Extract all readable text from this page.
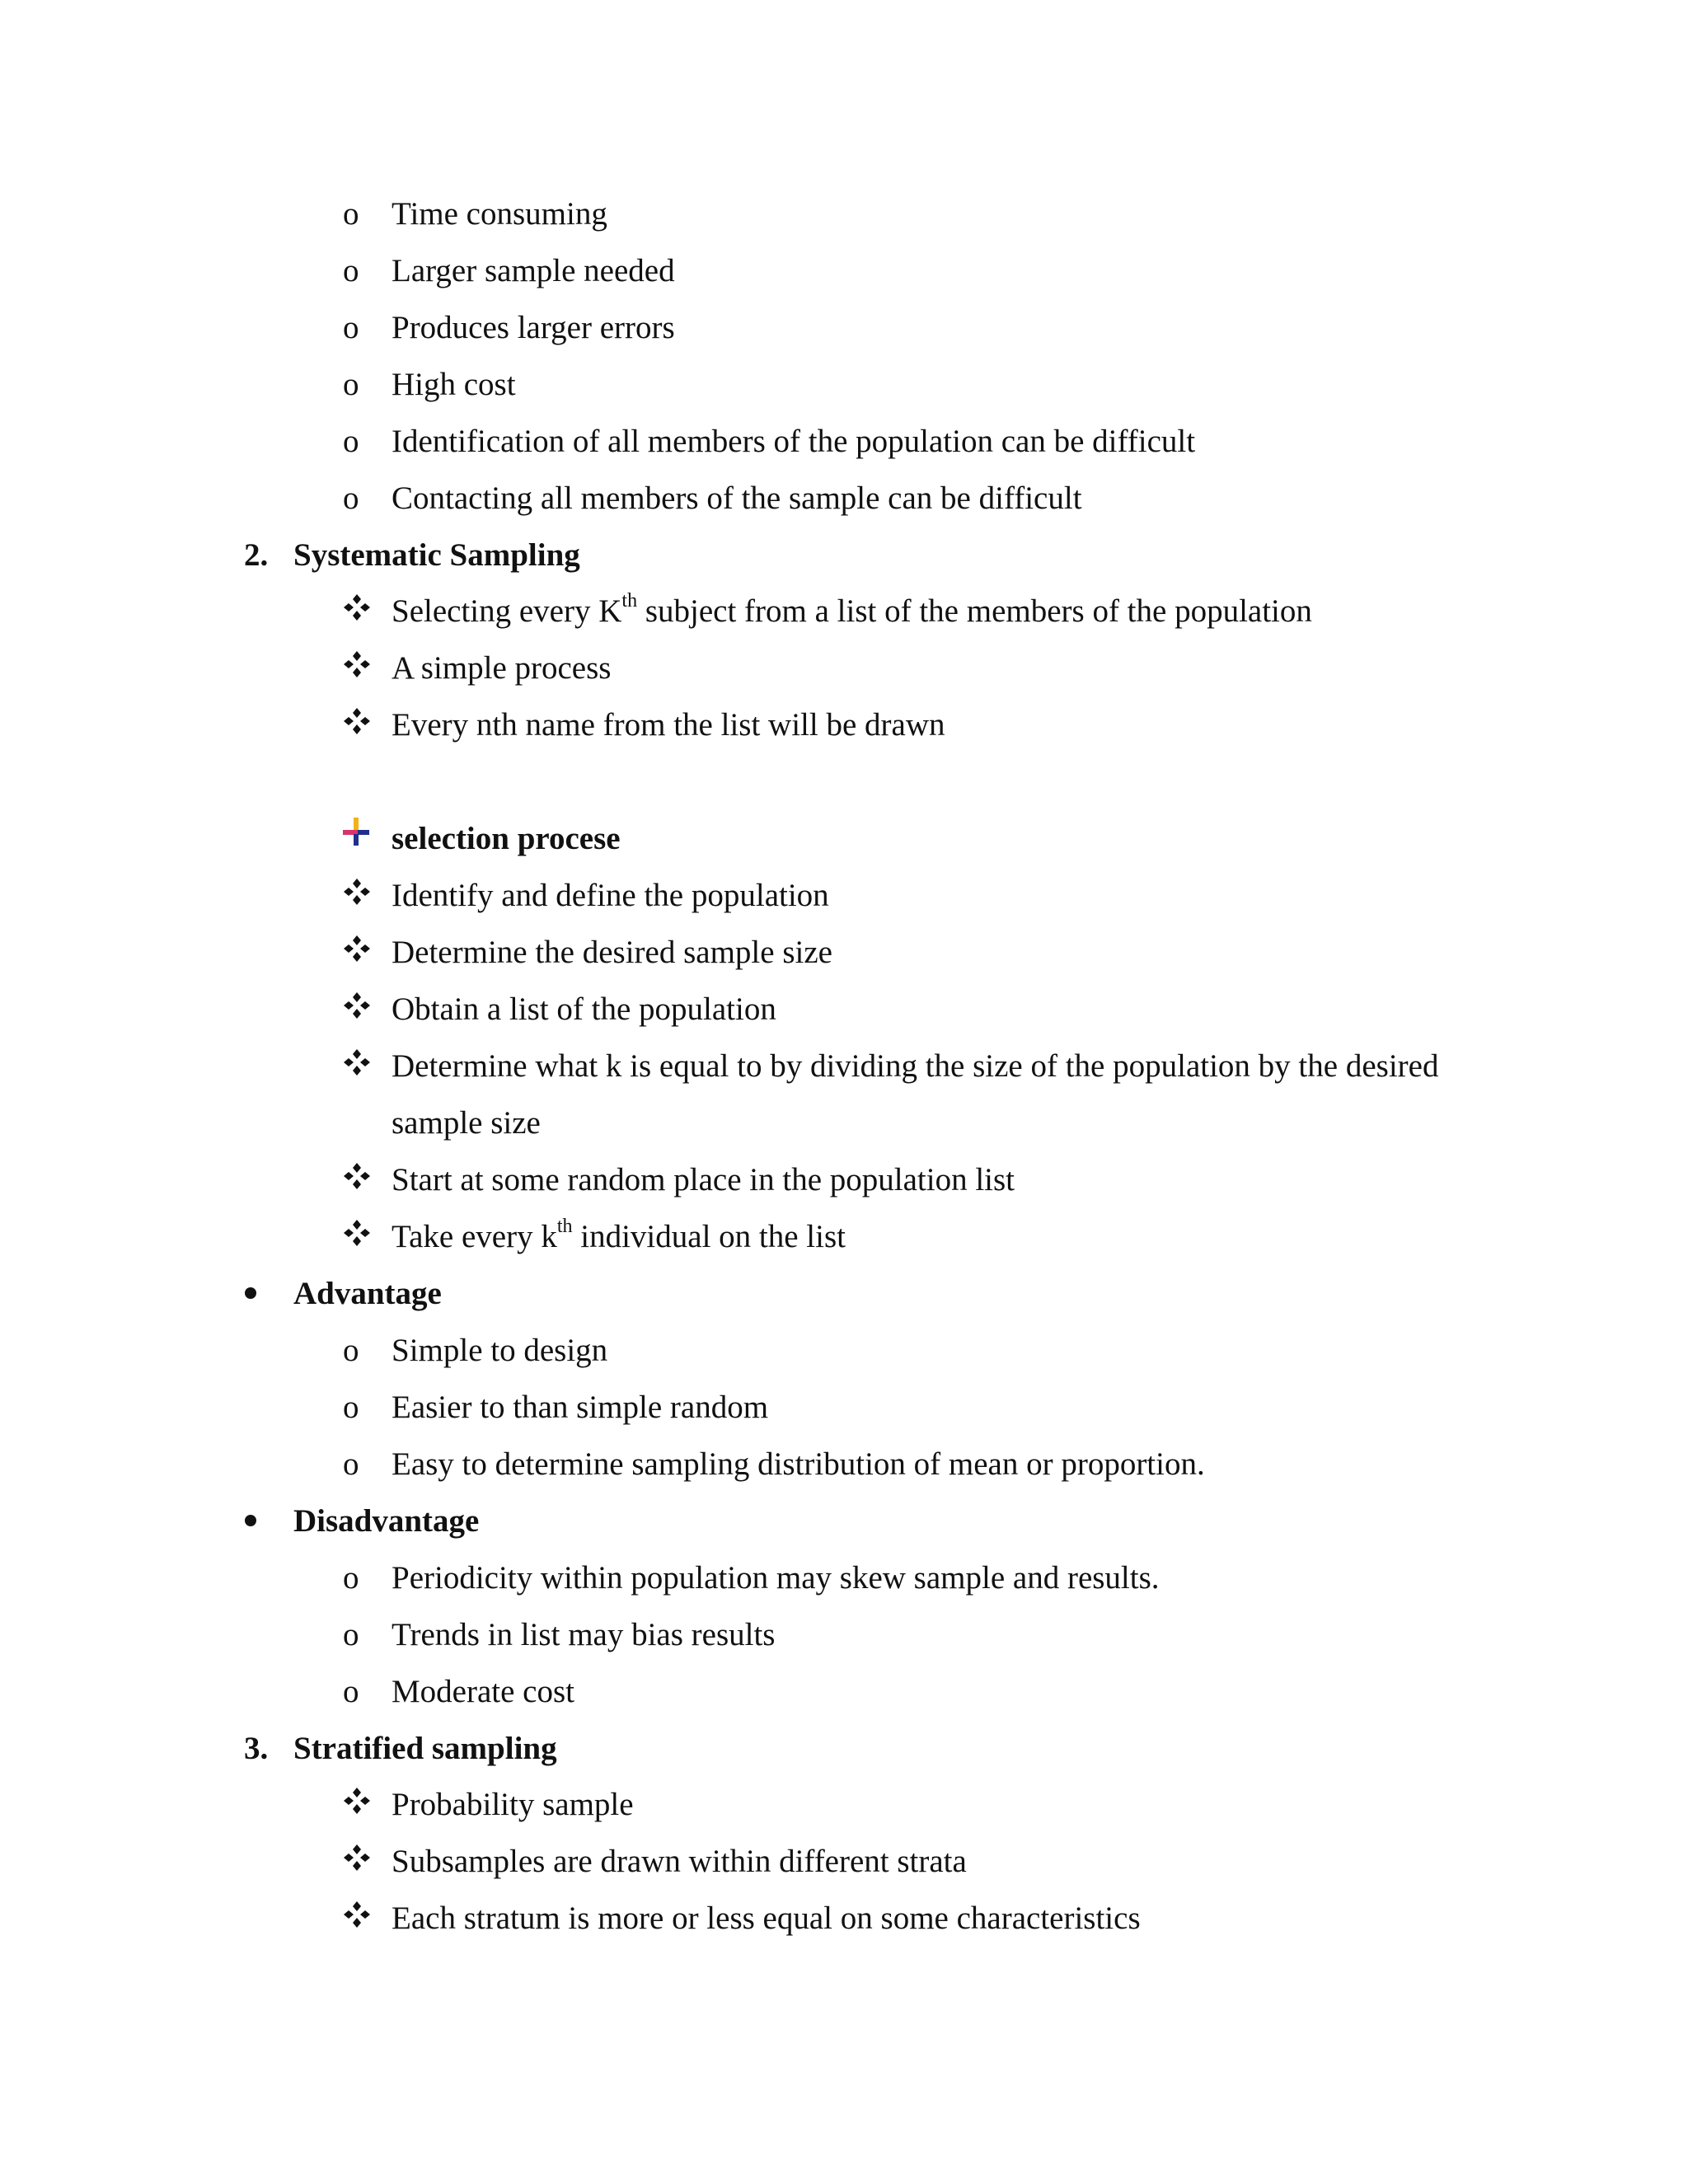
o Time consuming
o Larger sample needed
o Produces larger errors
o High cost
o Identification of all members of the population can be difficult
o Contacting all members of the sample can be difficult
2. Systematic Sampling
Selecting every $K^{th}$ subject from a list of the members of the population
A simple process
Every nth name from the list will be drawn
selection procese
Identify and define the population
Determine the desired sample size
Obtain a list of the population
Determine what k is equal to by dividing the size of the population by the desired
sample size
Start at some random place in the population list
Take every $k^{th}$ individual on the list
Advantage
o Simple to design
o Easier to than simple random
o Easy to determine sampling distribution of mean or proportion.
Disadvantage
o Periodicity within population may skew sample and results.
o Trends in list may bias results
o Moderate cost
3. Stratified sampling
Probability sample
Subsamples are drawn within different strata
Each stratum is more or less equal on some characteristics
